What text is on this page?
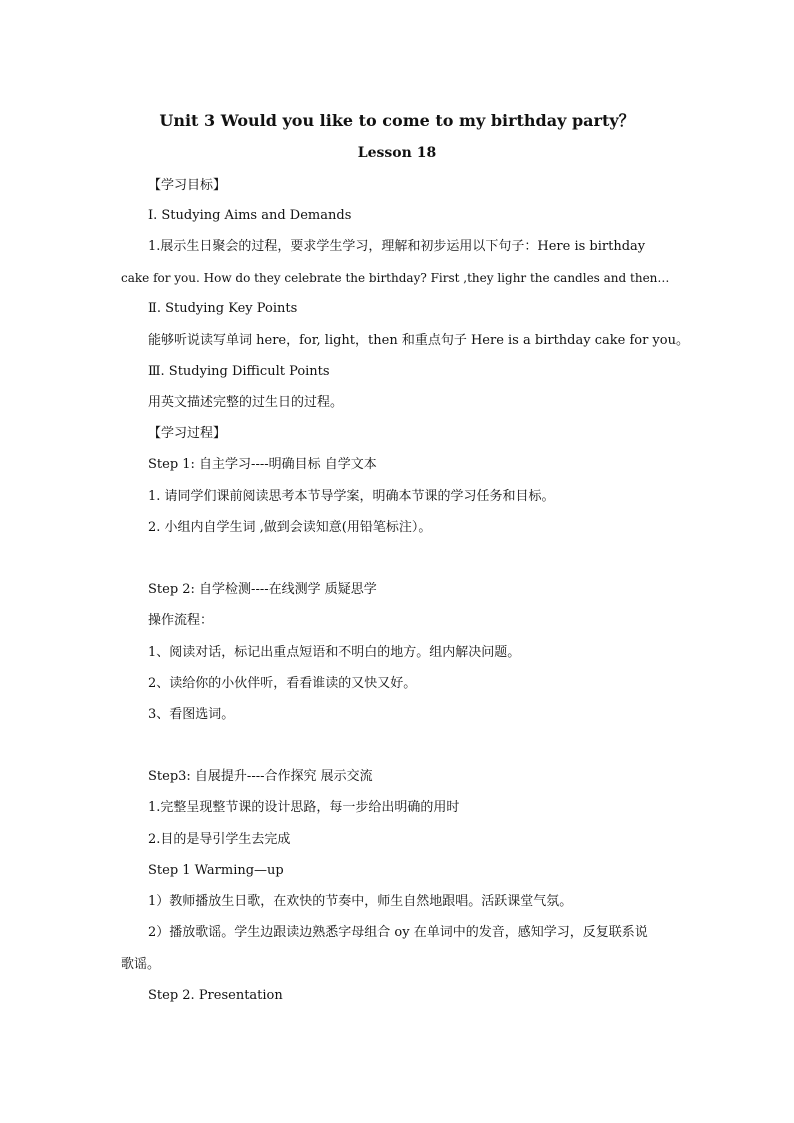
Unit 3 Would you like to come to my birthday party？
Lesson 18
【学习目标】
Ⅰ. Studying Aims and Demands
1.展示生日聚会的过程，要求学生学习，理解和初步运用以下句子：Here is birthday
cake for you. How do they celebrate the birthday? First ,they lighr the candles and then…
Ⅱ. Studying Key Points
能够听说读写单词 here，for, light，then 和重点句子 Here is a birthday cake for you。
Ⅲ. Studying Difficult Points
用英文描述完整的过生日的过程。
【学习过程】
Step 1: 自主学习----明确目标 自学文本
1. 请同学们课前阅读思考本节导学案，明确本节课的学习任务和目标。
2. 小组内自学生词 ,做到会读知意(用铅笔标注）。
Step 2: 自学检测----在线测学 质疑思学
操作流程：
1、阅读对话，标记出重点短语和不明白的地方。组内解决问题。
2、读给你的小伙伴听，看看谁读的又快又好。
3、看图选词。
Step3: 自展提升----合作探究 展示交流
1.完整呈现整节课的设计思路，每一步给出明确的用时
2.目的是导引学生去完成
Step 1 Warming—up
1）教师播放生日歌，在欢快的节奏中，师生自然地跟唱。活跃课堂气氛。
2）播放歌谣。学生边跟读边熟悉字母组合 oy 在单词中的发音，感知学习，反复联系说
歌谣。
Step 2. Presentation
